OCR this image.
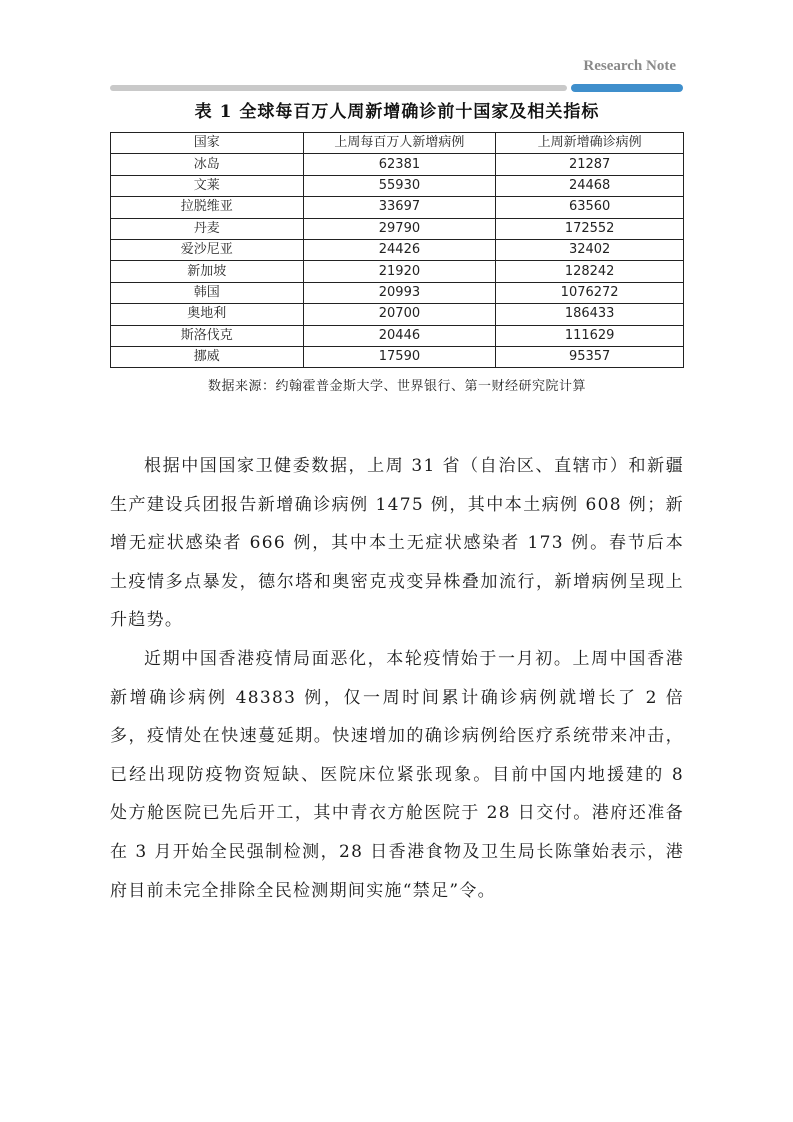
Research Note
表 1 全球每百万人周新增确诊前十国家及相关指标
国家	上周每百万人新增病例	上周新增确诊病例
冰岛	62381	21287
文莱	55930	24468
拉脱维亚	33697	63560
丹麦	29790	172552
爱沙尼亚	24426	32402
新加坡	21920	128242
韩国	20993	1076272
奥地利	20700	186433
斯洛伐克	20446	111629
挪威	17590	95357
数据来源：约翰霍普金斯大学、世界银行、第一财经研究院计算

根据中国国家卫健委数据，上周 31 省（自治区、直辖市）和新疆生产建设兵团报告新增确诊病例 1475 例，其中本土病例 608 例；新增无症状感染者 666 例，其中本土无症状感染者 173 例。春节后本土疫情多点暴发，德尔塔和奥密克戎变异株叠加流行，新增病例呈现上升趋势。

近期中国香港疫情局面恶化，本轮疫情始于一月初。上周中国香港新增确诊病例 48383 例，仅一周时间累计确诊病例就增长了 2 倍多，疫情处在快速蔓延期。快速增加的确诊病例给医疗系统带来冲击，已经出现防疫物资短缺、医院床位紧张现象。目前中国内地援建的 8 处方舱医院已先后开工，其中青衣方舱医院于 28 日交付。港府还准备在 3 月开始全民强制检测，28 日香港食物及卫生局长陈肇始表示，港府目前未完全排除全民检测期间实施“禁足”令。
